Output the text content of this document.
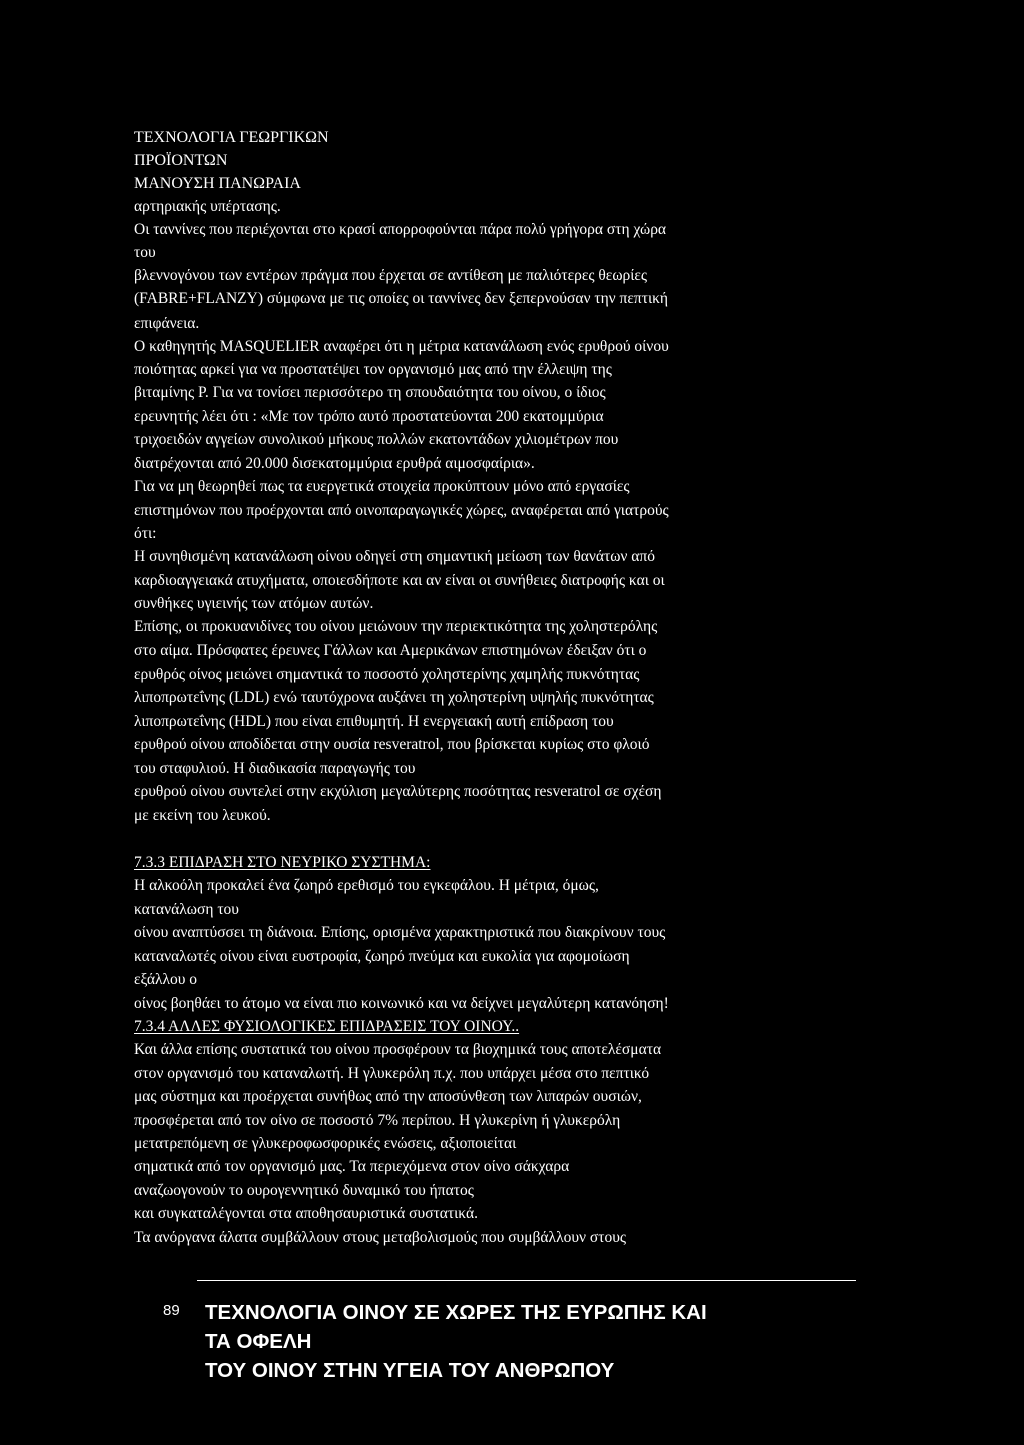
ΤΕΧΝΟΛΟΓΙΑ ΓΕΩΡΓΙΚΩΝ
ΠΡΟΪΟΝΤΩΝ
ΜΑΝΟΥΣΗ ΠΑΝΩΡΑΙΑ
αρτηριακής υπέρτασης.
Οι ταννίνες που περιέχονται στο κρασί απορροφούνται πάρα πολύ γρήγορα στη χώρα
του
βλεννογόνου των εντέρων πράγμα που έρχεται σε αντίθεση με παλιότερες θεωρίες
(FABRE+FLANZY) σύμφωνα με τις οποίες οι ταννίνες δεν ξεπερνούσαν την πεπτική
επιφάνεια.
Ο καθηγητής MASQUELIER αναφέρει ότι η μέτρια κατανάλωση ενός ερυθρού οίνου
ποιότητας αρκεί για να προστατέψει τον οργανισμό μας από την έλλειψη της
βιταμίνης Ρ. Για να τονίσει περισσότερο τη σπουδαιότητα του οίνου, ο ίδιος
ερευνητής λέει ότι : «Με τον τρόπο αυτό προστατεύονται 200 εκατομμύρια
τριχοειδών αγγείων συνολικού μήκους πολλών εκατοντάδων χιλιομέτρων που
διατρέχονται από 20.000 δισεκατομμύρια ερυθρά αιμοσφαίρια».
Για να μη θεωρηθεί πως τα ευεργετικά στοιχεία προκύπτουν μόνο από εργασίες
επιστημόνων που προέρχονται από οινοπαραγωγικές χώρες, αναφέρεται από γιατρούς
ότι:
Η συνηθισμένη κατανάλωση οίνου οδηγεί στη σημαντική μείωση των θανάτων από
καρδιοαγγειακά ατυχήματα, οποιεσδήποτε και αν είναι οι συνήθειες διατροφής και οι
συνθήκες υγιεινής των ατόμων αυτών.
Επίσης, οι προκυανιδίνες του οίνου μειώνουν την περιεκτικότητα της χοληστερόλης
στο αίμα. Πρόσφατες έρευνες Γάλλων και Αμερικάνων επιστημόνων έδειξαν ότι ο
ερυθρός οίνος μειώνει σημαντικά το ποσοστό χοληστερίνης χαμηλής πυκνότητας
λιποπρωτεΐνης (LDL) ενώ ταυτόχρονα αυξάνει τη χοληστερίνη υψηλής πυκνότητας
λιποπρωτεΐνης (HDL) που είναι επιθυμητή. Η ενεργειακή αυτή επίδραση του
ερυθρού οίνου αποδίδεται στην ουσία resveratrol, που βρίσκεται κυρίως στο φλοιό
του σταφυλιού. Η διαδικασία παραγωγής του
ερυθρού οίνου συντελεί στην εκχύλιση μεγαλύτερης ποσότητας resveratrol σε σχέση
με εκείνη του λευκού.
7.3.3 ΕΠΙΔΡΑΣΗ ΣΤΟ ΝΕΥΡΙΚΟ ΣΥΣΤΗΜΑ:
Η αλκοόλη προκαλεί ένα ζωηρό ερεθισμό του εγκεφάλου. Η μέτρια, όμως,
κατανάλωση του
οίνου αναπτύσσει τη διάνοια. Επίσης, ορισμένα χαρακτηριστικά που διακρίνουν τους
καταναλωτές οίνου είναι ευστροφία, ζωηρό πνεύμα και ευκολία για αφομοίωση
εξάλλου ο
οίνος βοηθάει το άτομο να είναι πιο κοινωνικό και να δείχνει μεγαλύτερη κατανόηση!
7.3.4 ΑΛΛΕΣ ΦΥΣΙΟΛΟΓΙΚΕΣ ΕΠΙΔΡΑΣΕΙΣ ΤΟΥ ΟΙΝΟΥ..
Και άλλα επίσης συστατικά του οίνου προσφέρουν τα βιοχημικά τους αποτελέσματα
στον οργανισμό του καταναλωτή. Η γλυκερόλη π.χ. που υπάρχει μέσα στο πεπτικό
μας σύστημα και προέρχεται συνήθως από την αποσύνθεση των λιπαρών ουσιών,
προσφέρεται από τον οίνο σε ποσοστό 7% περίπου. Η γλυκερίνη ή γλυκερόλη
μετατρεπόμενη σε γλυκεροφωσφορικές ενώσεις, αξιοποιείται
σηματικά από τον οργανισμό μας. Τα περιεχόμενα στον οίνο σάκχαρα
αναζωογονούν το ουρογεννητικό δυναμικό του ήπατος
και συγκαταλέγονται στα αποθησαυριστικά συστατικά.
Τα ανόργανα άλατα συμβάλλουν στους μεταβολισμούς που συμβάλλουν στους
89 ΤΕΧΝΟΛΟΓΙΑ ΟΙΝΟΥ ΣΕ ΧΩΡΕΣ ΤΗΣ ΕΥΡΩΠΗΣ ΚΑΙ
ΤΑ ΟΦΕΛΗ
ΤΟΥ ΟΙΝΟΥ ΣΤΗΝ ΥΓΕΙΑ ΤΟΥ ΑΝΘΡΩΠΟΥ
